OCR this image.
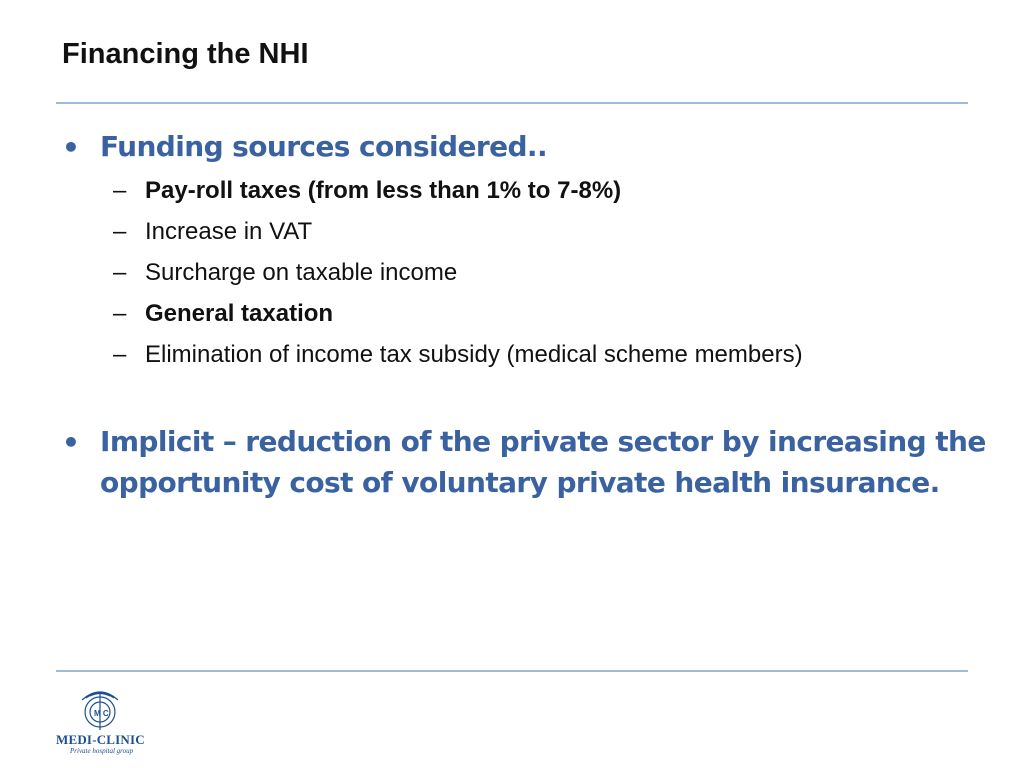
Financing the NHI
• Funding sources considered..
– Pay-roll taxes (from less than 1% to 7-8%)
– Increase in VAT
– Surcharge on taxable income
– General taxation
– Elimination of income tax subsidy (medical scheme members)
• Implicit – reduction of the private sector by increasing the
opportunity cost of voluntary private health insurance.
M C
MEDI-CLINIC
Private hospital group
